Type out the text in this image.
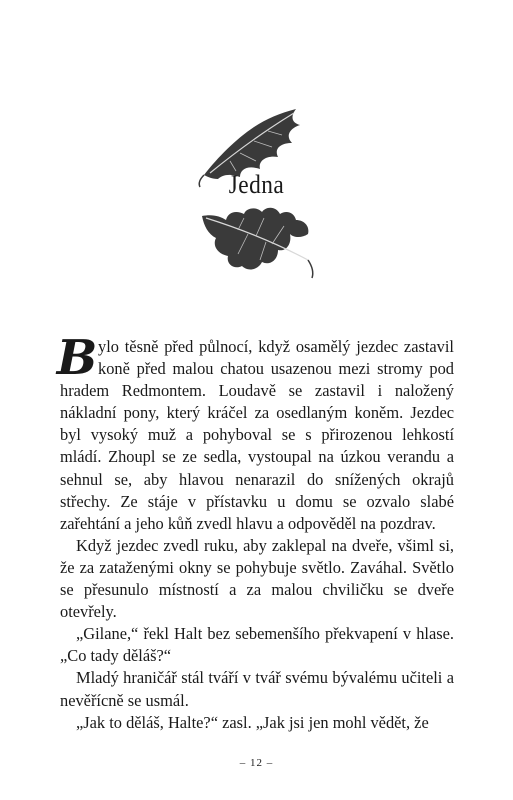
Jedna

B ylo těsně před půlnocí, když osamělý jezdec zastavil koně před malou chatou usazenou mezi stromy pod hradem Redmontem. Loudavě se zastavil i naložený nákladní pony, který kráčel za osedlaným koněm. Jezdec byl vysoký muž a pohyboval se s přirozenou lehkostí mládí. Zhoupl se ze sedla, vystoupal na úzkou verandu a sehnul se, aby hlavou nenarazil do snížených okrajů střechy. Ze stáje v přístavku u domu se ozvalo slabé zařehtání a jeho kůň zvedl hlavu a odpověděl na pozdrav.

Když jezdec zvedl ruku, aby zaklepal na dveře, všiml si, že za zataženými okny se pohybuje světlo. Zaváhal. Světlo se přesunulo místností a za malou chviličku se dveře otevřely.

„Gilane,“ řekl Halt bez sebemenšího překvapení v hlase. „Co tady děláš?“

Mladý hraničář stál tváří v tvář svému bývalému učiteli a nevěřícně se usmál.

„Jak to děláš, Halte?“ zasl. „Jak jsi jen mohl vědět, že

– 12 –
